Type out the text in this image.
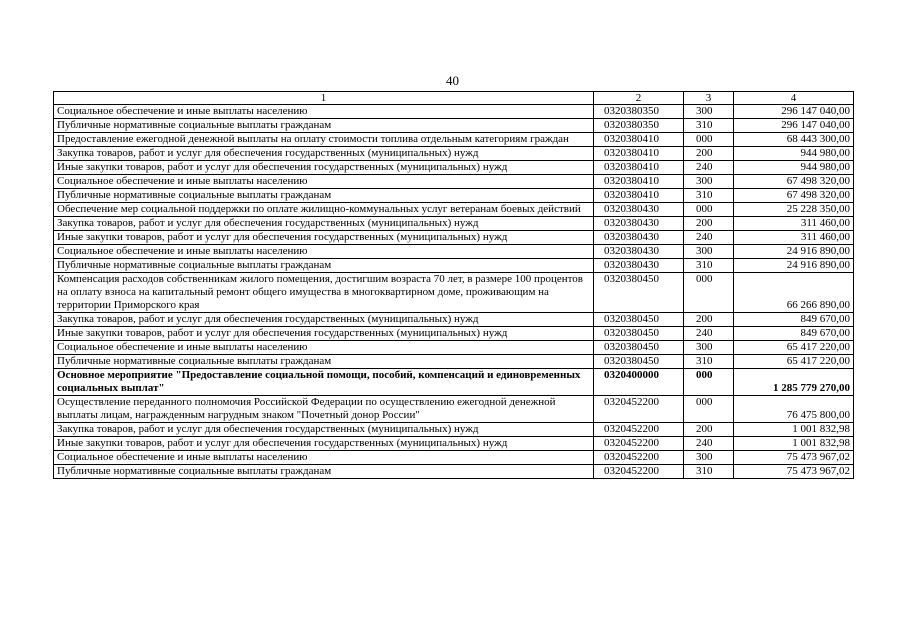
40
1	2	3	4
Социальное обеспечение и иные выплаты населению	0320380350	300	296 147 040,00
Публичные нормативные социальные выплаты гражданам	0320380350	310	296 147 040,00
Предоставление ежегодной денежной выплаты на оплату стоимости топлива отдельным категориям граждан	0320380410	000	68 443 300,00
Закупка товаров, работ и услуг для обеспечения государственных (муниципальных) нужд	0320380410	200	944 980,00
Иные закупки товаров, работ и услуг для обеспечения государственных (муниципальных) нужд	0320380410	240	944 980,00
Социальное обеспечение и иные выплаты населению	0320380410	300	67 498 320,00
Публичные нормативные социальные выплаты гражданам	0320380410	310	67 498 320,00
Обеспечение мер социальной поддержки по оплате жилищно-коммунальных услуг ветеранам боевых действий	0320380430	000	25 228 350,00
Закупка товаров, работ и услуг для обеспечения государственных (муниципальных) нужд	0320380430	200	311 460,00
Иные закупки товаров, работ и услуг для обеспечения государственных (муниципальных) нужд	0320380430	240	311 460,00
Социальное обеспечение и иные выплаты населению	0320380430	300	24 916 890,00
Публичные нормативные социальные выплаты гражданам	0320380430	310	24 916 890,00
Компенсация расходов собственникам жилого помещения, достигшим возраста 70 лет, в размере 100 процентов на оплату взноса на капитальный ремонт общего имущества в многоквартирном доме, проживающим на территории Приморского края	0320380450	000	66 266 890,00
Закупка товаров, работ и услуг для обеспечения государственных (муниципальных) нужд	0320380450	200	849 670,00
Иные закупки товаров, работ и услуг для обеспечения государственных (муниципальных) нужд	0320380450	240	849 670,00
Социальное обеспечение и иные выплаты населению	0320380450	300	65 417 220,00
Публичные нормативные социальные выплаты гражданам	0320380450	310	65 417 220,00
Основное мероприятие "Предоставление социальной помощи, пособий, компенсаций и единовременных социальных выплат"	0320400000	000	1 285 779 270,00
Осуществление переданного полномочия Российской Федерации по осуществлению ежегодной денежной выплаты лицам, награжденным нагрудным знаком "Почетный донор России"	0320452200	000	76 475 800,00
Закупка товаров, работ и услуг для обеспечения государственных (муниципальных) нужд	0320452200	200	1 001 832,98
Иные закупки товаров, работ и услуг для обеспечения государственных (муниципальных) нужд	0320452200	240	1 001 832,98
Социальное обеспечение и иные выплаты населению	0320452200	300	75 473 967,02
Публичные нормативные социальные выплаты гражданам	0320452200	310	75 473 967,02
